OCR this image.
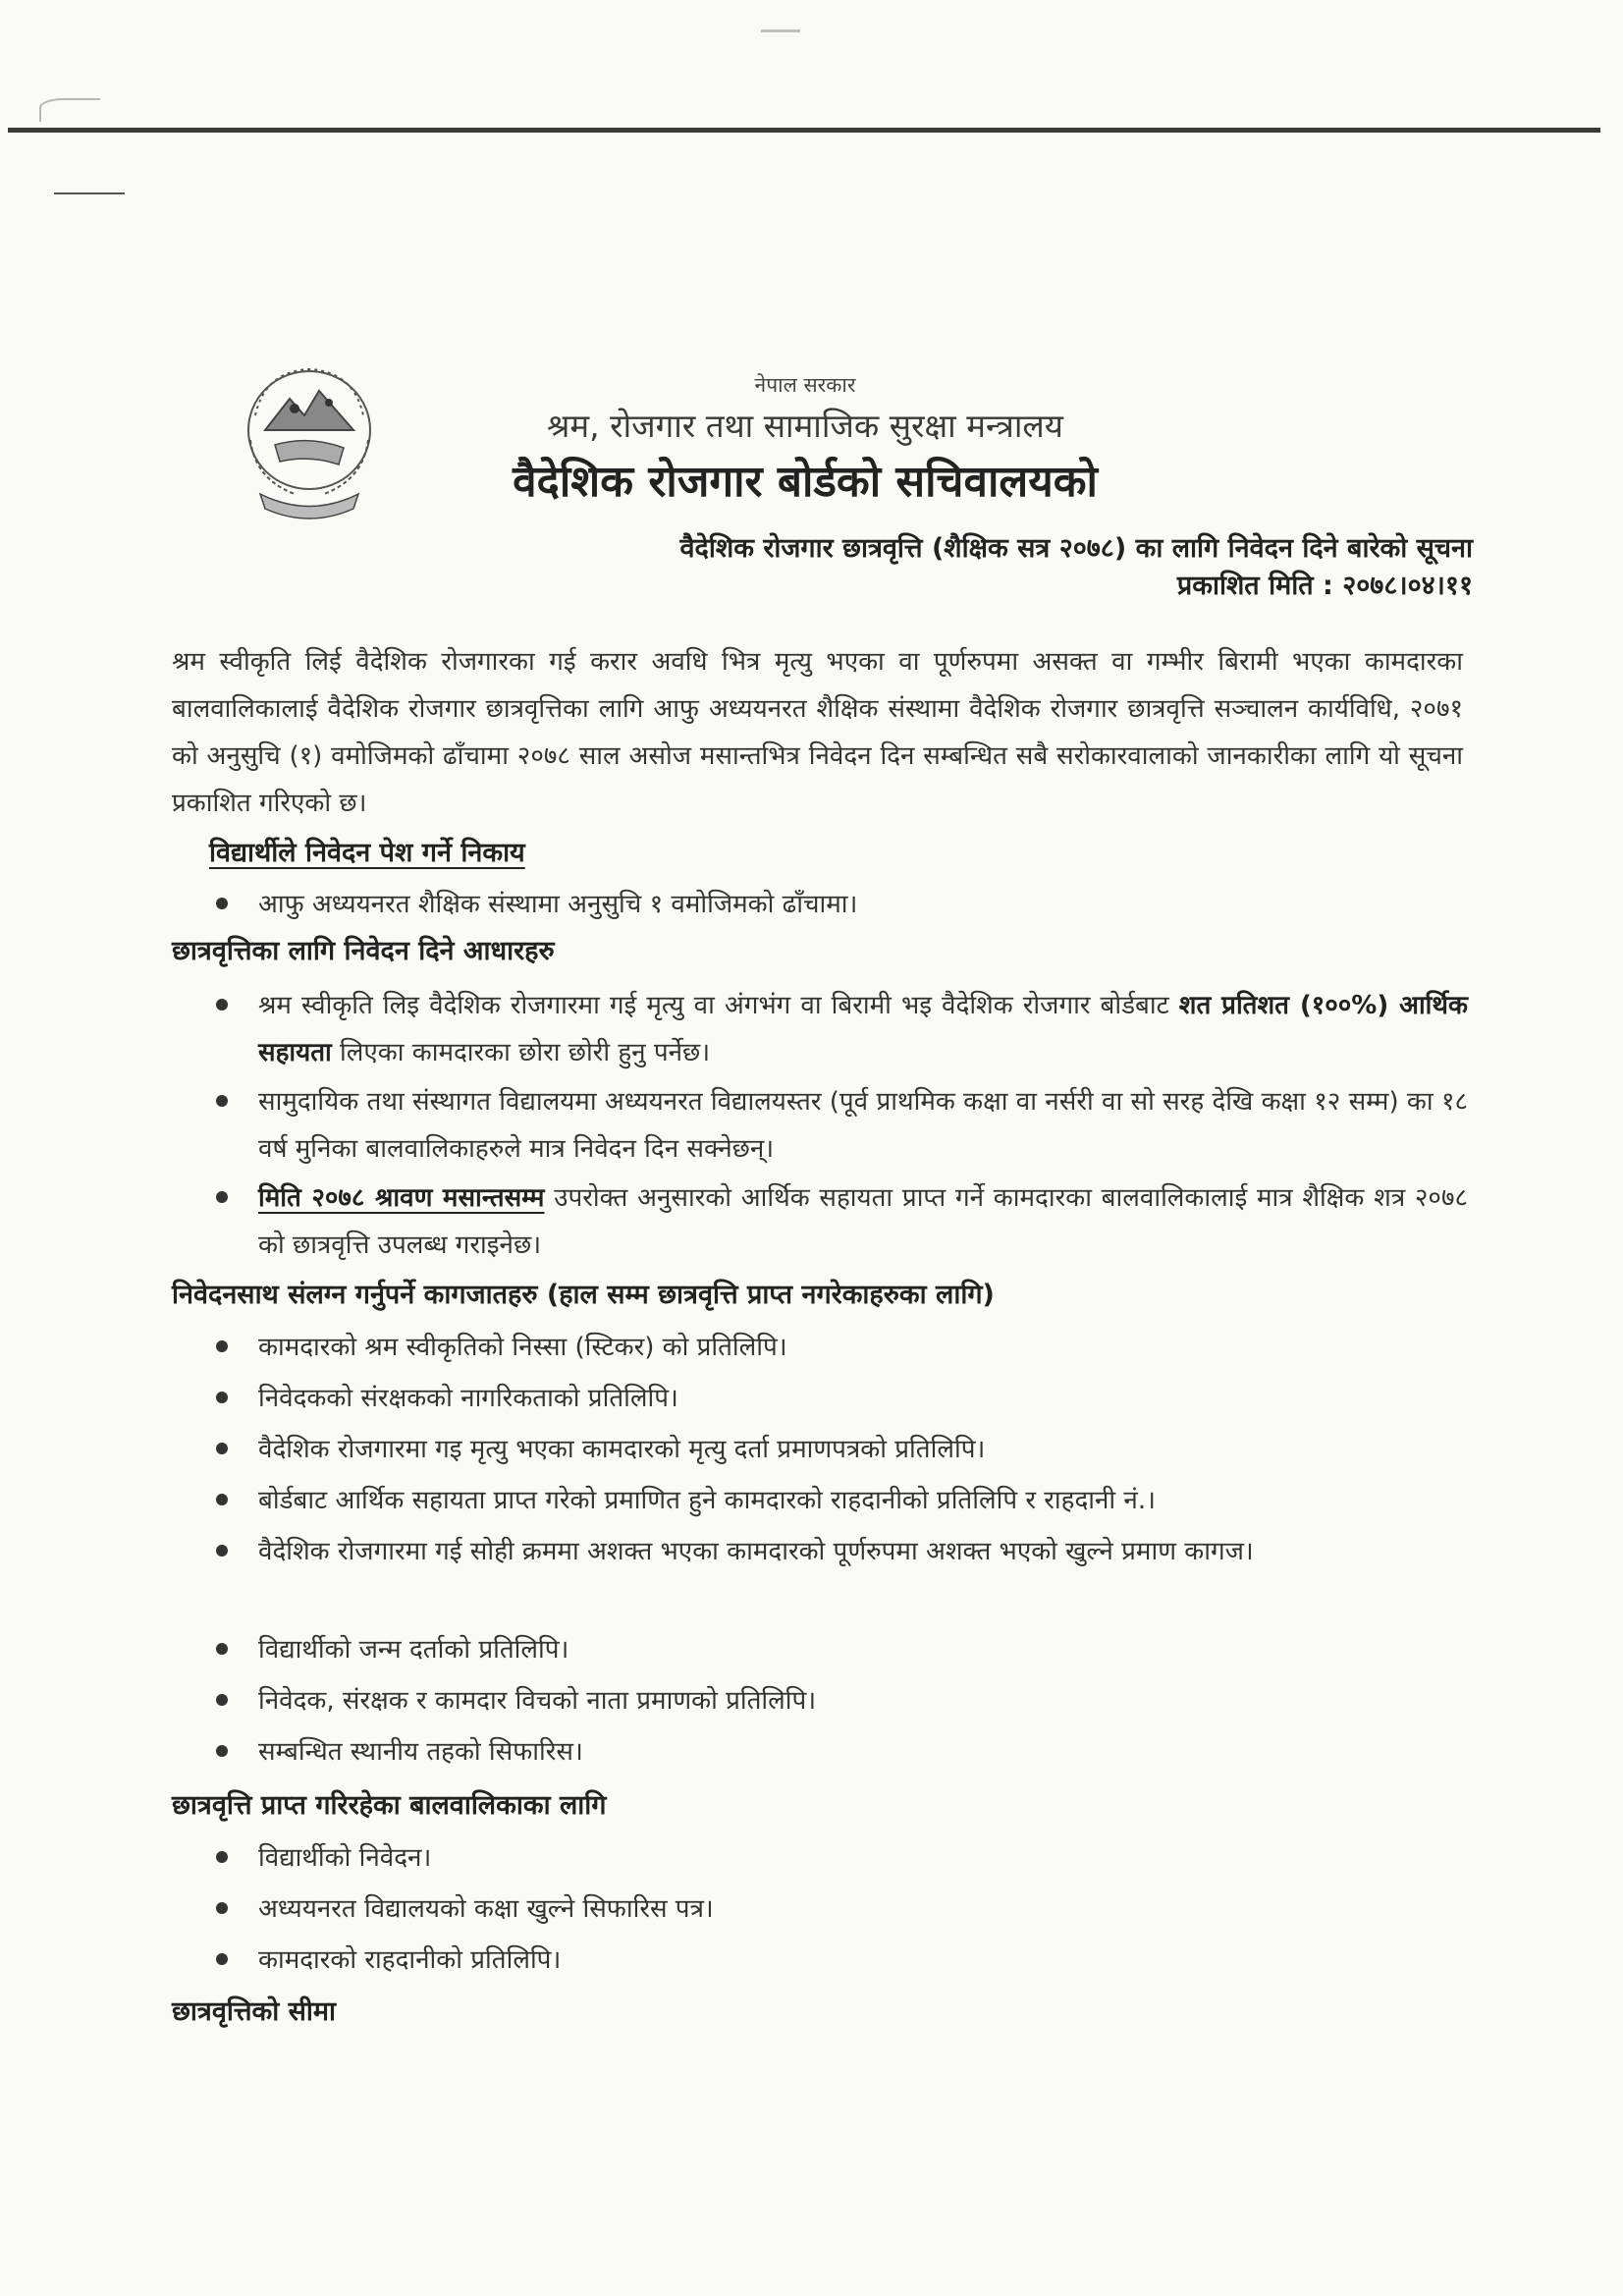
नेपाल सरकार
श्रम, रोजगार तथा सामाजिक सुरक्षा मन्त्रालय
वैदेशिक रोजगार बोर्डको सचिवालयको
वैदेशिक रोजगार छात्रवृत्ति (शैक्षिक सत्र २०७८) का लागि निवेदन दिने बारेको सूचना
प्रकाशित मिति : २०७८।०४।११
श्रम स्वीकृति लिई वैदेशिक रोजगारका गई करार अवधि भित्र मृत्यु भएका वा पूर्णरुपमा असक्त वा गम्भीर बिरामी भएका कामदारका बालवालिकालाई वैदेशिक रोजगार छात्रवृत्तिका लागि आफु अध्ययनरत शैक्षिक संस्थामा वैदेशिक रोजगार छात्रवृत्ति सञ्चालन कार्यविधि, २०७१ को अनुसुचि (१) वमोजिमको ढाँचामा २०७८ साल असोज मसान्तभित्र निवेदन दिन सम्बन्धित सबै सरोकारवालाको जानकारीका लागि यो सूचना प्रकाशित गरिएको छ।
विद्यार्थीले निवेदन पेश गर्ने निकाय
आफु अध्ययनरत शैक्षिक संस्थामा अनुसुचि १ वमोजिमको ढाँचामा।
छात्रवृत्तिका लागि निवेदन दिने आधारहरु
श्रम स्वीकृति लिइ वैदेशिक रोजगारमा गई मृत्यु वा अंगभंग वा बिरामी भइ वैदेशिक रोजगार बोर्डबाट शत प्रतिशत (१००%) आर्थिक सहायता लिएका कामदारका छोरा छोरी हुनु पर्नेछ।
सामुदायिक तथा संस्थागत विद्यालयमा अध्ययनरत विद्यालयस्तर (पूर्व प्राथमिक कक्षा वा नर्सरी वा सो सरह देखि कक्षा १२ सम्म) का १८ वर्ष मुनिका बालवालिकाहरुले मात्र निवेदन दिन सक्नेछन्।
मिति २०७८ श्रावण मसान्तसम्म उपरोक्त अनुसारको आर्थिक सहायता प्राप्त गर्ने कामदारका बालवालिकालाई मात्र शैक्षिक शत्र २०७८ को छात्रवृत्ति उपलब्ध गराइनेछ।
निवेदनसाथ संलग्न गर्नुपर्ने कागजातहरु (हाल सम्म छात्रवृत्ति प्राप्त नगरेकाहरुका लागि)
कामदारको श्रम स्वीकृतिको निस्सा (स्टिकर) को प्रतिलिपि।
निवेदकको संरक्षकको नागरिकताको प्रतिलिपि।
वैदेशिक रोजगारमा गइ मृत्यु भएका कामदारको मृत्यु दर्ता प्रमाणपत्रको प्रतिलिपि।
बोर्डबाट आर्थिक सहायता प्राप्त गरेको प्रमाणित हुने कामदारको राहदानीको प्रतिलिपि र राहदानी नं.।
वैदेशिक रोजगारमा गई सोही क्रममा अशक्त भएका कामदारको पूर्णरुपमा अशक्त भएको खुल्ने प्रमाण कागज।
विद्यार्थीको जन्म दर्ताको प्रतिलिपि।
निवेदक, संरक्षक र कामदार विचको नाता प्रमाणको प्रतिलिपि।
सम्बन्धित स्थानीय तहको सिफारिस।
छात्रवृत्ति प्राप्त गरिरहेका बालवालिकाका लागि
विद्यार्थीको निवेदन।
अध्ययनरत विद्यालयको कक्षा खुल्ने सिफारिस पत्र।
कामदारको राहदानीको प्रतिलिपि।
छात्रवृत्तिको सीमा
